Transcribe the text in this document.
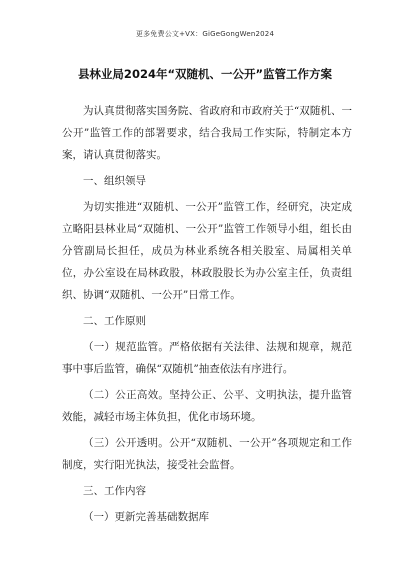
更多免费公文+VX：GiGeGongWen2024
县林业局2024年“双随机、一公开”监管工作方案

为认真贯彻落实国务院、省政府和市政府关于“双随机、一公开”监管工作的部署要求，结合我局工作实际，特制定本方案，请认真贯彻落实。

一、组织领导

为切实推进“双随机、一公开”监管工作，经研究，决定成立略阳县林业局“双随机、一公开”监管工作领导小组，组长由分管副局长担任，成员为林业系统各相关股室、局属相关单位，办公室设在局林政股，林政股股长为办公室主任，负责组织、协调“双随机、一公开”日常工作。

二、工作原则

（一）规范监管。严格依据有关法律、法规和规章，规范事中事后监管，确保“双随机”抽查依法有序进行。

（二）公正高效。坚持公正、公平、文明执法，提升监管效能，减轻市场主体负担，优化市场环境。

（三）公开透明。公开“双随机、一公开”各项规定和工作制度，实行阳光执法，接受社会监督。

三、工作内容

（一）更新完善基础数据库
